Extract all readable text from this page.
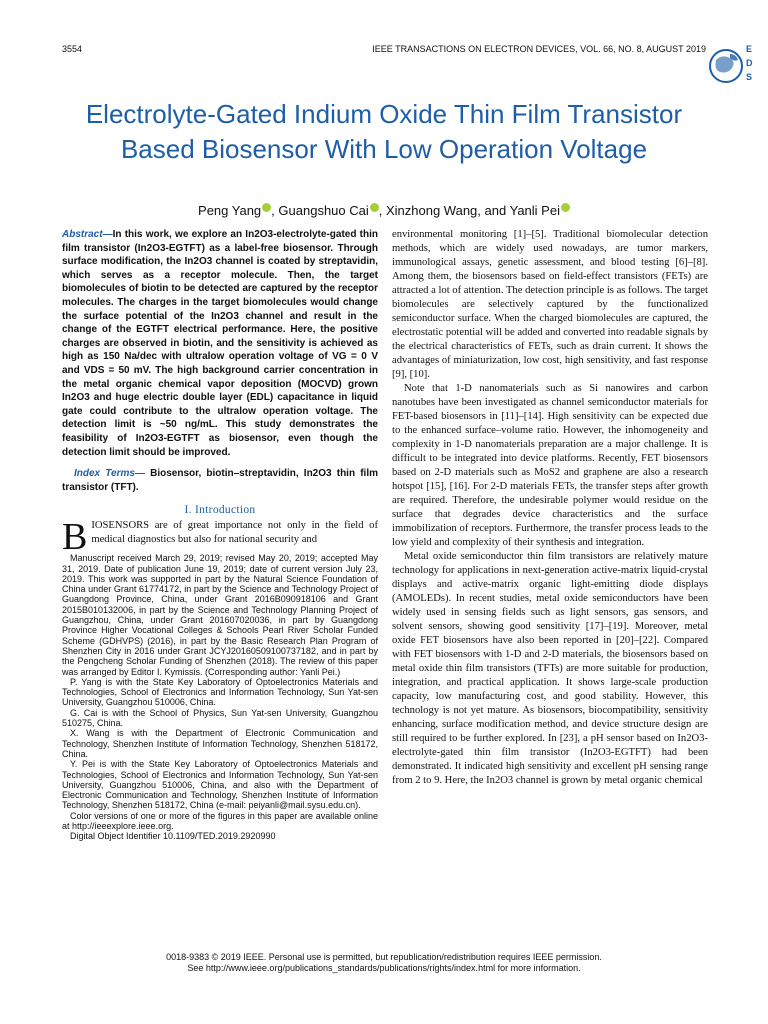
3554	IEEE TRANSACTIONS ON ELECTRON DEVICES, VOL. 66, NO. 8, AUGUST 2019	E
D
S
Electrolyte-Gated Indium Oxide Thin Film Transistor Based Biosensor With Low Operation Voltage
Peng Yang , Guangshuo Cai , Xinzhong Wang, and Yanli Pei

Abstract—In this work, we explore an In2O3-electrolyte-gated thin film transistor (In2O3-EGTFT) as a label-free biosensor. Through surface modification, the In2O3 channel is coated by streptavidin, which serves as a receptor molecule. Then, the target biomolecules of biotin to be detected are captured by the receptor molecules. The charges in the target biomolecules would change the surface potential of the In2O3 channel and result in the change of the EGTFT electrical performance. Here, the positive charges are observed in biotin, and the sensitivity is achieved as high as 150 Na/dec with ultralow operation voltage of VG = 0 V and VDS = 50 mV. The high background carrier concentration in the metal organic chemical vapor deposition (MOCVD) grown In2O3 and huge electric double layer (EDL) capacitance in liquid gate could contribute to the ultralow operation voltage. The detection limit is ~50 ng/mL. This study demonstrates the feasibility of In2O3-EGTFT as biosensor, even though the detection limit should be improved.

Index Terms— Biosensor, biotin–streptavidin, In2O3 thin film transistor (TFT).

I. Introduction

BIOSENSORS are of great importance not only in the field of medical diagnostics but also for national security and

Manuscript received March 29, 2019; revised May 20, 2019; accepted May 31, 2019. Date of publication June 19, 2019; date of current version July 23, 2019. This work was supported in part by the Natural Science Foundation of China under Grant 61774172, in part by the Science and Technology Project of Guangdong Province, China, under Grant 2016B090918106 and Grant 2015B010132006, in part by the Science and Technology Planning Project of Guangzhou, China, under Grant 201607020036, in part by Guangdong Province Higher Vocational Colleges & Schools Pearl River Scholar Funded Scheme (GDHVPS) (2016), in part by the Basic Research Plan Program of Shenzhen City in 2016 under Grant JCYJ20160509100737182, and in part by the Pengcheng Scholar Funding of Shenzhen (2018). The review of this paper was arranged by Editor I. Kymissis. (Corresponding author: Yanli Pei.)

P. Yang is with the State Key Laboratory of Optoelectronics Materials and Technologies, School of Electronics and Information Technology, Sun Yat-sen University, Guangzhou 510006, China.

G. Cai is with the School of Physics, Sun Yat-sen University, Guangzhou 510275, China.

X. Wang is with the Department of Electronic Communication and Technology, Shenzhen Institute of Information Technology, Shenzhen 518172, China.

Y. Pei is with the State Key Laboratory of Optoelectronics Materials and Technologies, School of Electronics and Information Technology, Sun Yat-sen University, Guangzhou 510006, China, and also with the Department of Electronic Communication and Technology, Shenzhen Institute of Information Technology, Shenzhen 518172, China (e-mail: peiyanli@mail.sysu.edu.cn).

Color versions of one or more of the figures in this paper are available online at http://ieeexplore.ieee.org.

Digital Object Identifier 10.1109/TED.2019.2920990

environmental monitoring [1]–[5]. Traditional biomolecular detection methods, which are widely used nowadays, are tumor markers, immunological assays, genetic assessment, and blood testing [6]–[8]. Among them, the biosensors based on field-effect transistors (FETs) are attracted a lot of attention. The detection principle is as follows. The target biomolecules are selectively captured by the functionalized semiconductor surface. When the charged biomolecules are captured, the electrostatic potential will be added and converted into readable signals by the electrical characteristics of FETs, such as drain current. It shows the advantages of miniaturization, low cost, high sensitivity, and fast response [9], [10].

Note that 1-D nanomaterials such as Si nanowires and carbon nanotubes have been investigated as channel semiconductor materials for FET-based biosensors in [11]–[14]. High sensitivity can be expected due to the enhanced surface–volume ratio. However, the inhomogeneity and complexity in 1-D nanomaterials preparation are a major challenge. It is difficult to be integrated into device platforms. Recently, FET biosensors based on 2-D materials such as MoS2 and graphene are also a research hotspot [15], [16]. For 2-D materials FETs, the transfer steps after growth are required. Therefore, the undesirable polymer would residue on the surface that degrades device characteristics and the surface immobilization of receptors. Furthermore, the transfer process leads to the low yield and complexity of their synthesis and integration.

Metal oxide semiconductor thin film transistors are relatively mature technology for applications in next-generation active-matrix liquid-crystal displays and active-matrix organic light-emitting diode displays (AMOLEDs). In recent studies, metal oxide semiconductors have been widely used in sensing fields such as light sensors, gas sensors, and solvent sensors, showing good sensitivity [17]–[19]. Moreover, metal oxide FET biosensors have also been reported in [20]–[22]. Compared with FET biosensors with 1-D and 2-D materials, the biosensors based on metal oxide thin film transistors (TFTs) are more suitable for production, integration, and practical application. It shows large-scale production capacity, low manufacturing cost, and good stability. However, this technology is not yet mature. As biosensors, biocompatibility, sensitivity enhancing, surface modification method, and device structure design are still required to be further explored. In [23], a pH sensor based on In2O3-electrolyte-gated thin film transistor (In2O3-EGTFT) had been demonstrated. It indicated high sensitivity and excellent pH sensing range from 2 to 9. Here, the In2O3 channel is grown by metal organic chemical

0018-9383 © 2019 IEEE. Personal use is permitted, but republication/redistribution requires IEEE permission.
See http://www.ieee.org/publications_standards/publications/rights/index.html for more information.
